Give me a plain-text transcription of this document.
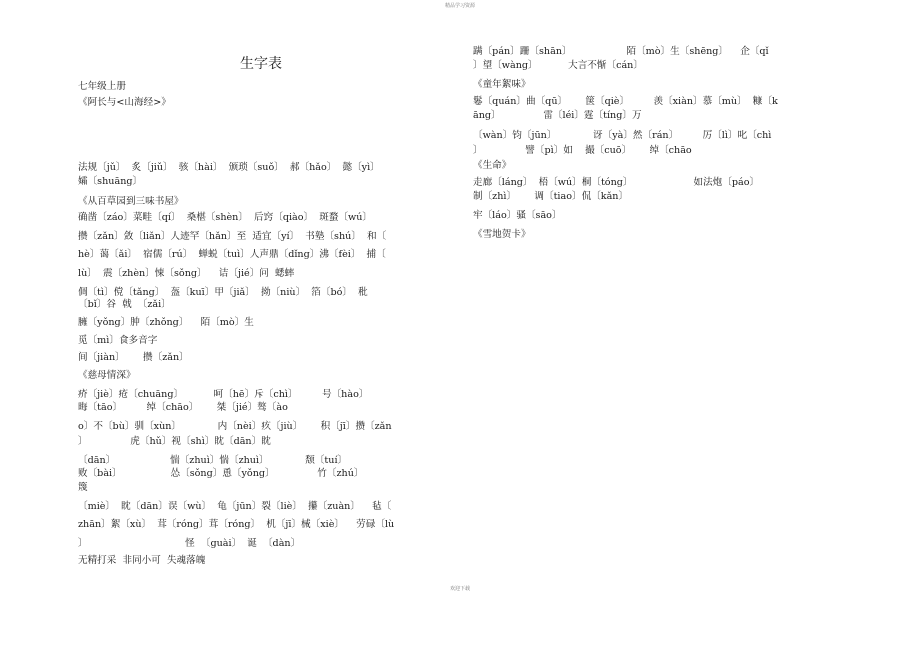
精品学习资源
生字表
七年级上册
《阿长与<山海经>》
法规〔jǔ〕  炙〔jiǔ〕  骇〔hài〕  颁琐〔suǒ〕  郝〔hǎo〕  懿〔yì〕
孀〔shuāng〕
《从百草园到三味书屋》
确凿〔záo〕菜畦〔qí〕  桑椹〔shèn〕  后窍〔qiào〕  斑蝥〔wú〕
攒〔zǎn〕敛〔liǎn〕人迹罕〔hǎn〕至  适宜〔yí〕  书塾〔shú〕  和〔
hè〕蔼〔ǎi〕  宿儒〔rú〕  蝉蜕〔tuì〕人声鼎〔dǐng〕沸〔fèi〕  捕〔
lù〕  震〔zhèn〕悚〔sǒng〕    诘〔jié〕问  蟋蟀
倜〔tì〕傥〔tǎng〕  盔〔kuī〕甲〔jiǎ〕  拗〔niù〕  箔〔bó〕  秕
〔bǐ〕谷  戟  〔zǎi〕
臃〔yǒng〕肿〔zhǒng〕    陌〔mò〕生
觅〔mì〕食多音字
间〔jiàn〕      攒〔zǎn〕
《慈母情深》
疥〔jiè〕疮〔chuāng〕          呵〔hē〕斥〔chì〕        号〔hào〕
晦〔tāo〕        绰〔chāo〕      桀〔jié〕骜〔ào
o〕不〔bù〕驯〔xùn〕            内〔nèi〕疚〔jiù〕      积〔jī〕攒〔zǎn
〕              虎〔hǔ〕视〔shì〕眈〔dān〕眈
〔dān〕                  惴〔zhuì〕惴〔zhuì〕            颓〔tuí〕
败〔bài〕                怂〔sǒng〕恿〔yǒng〕              竹〔zhú〕
篾
〔miè〕  眈〔dān〕误〔wù〕  龟〔jūn〕裂〔liè〕  攥〔zuàn〕    毡〔
zhān〕絮〔xù〕  茸〔róng〕茸〔róng〕  机〔jī〕械〔xiè〕    劳碌〔lù
〕                                怪  〔guài〕  诞  〔dàn〕
无精打采  非同小可  失魂落魄
蹒〔pán〕跚〔shān〕                  陌〔mò〕生〔shēng〕    企〔qǐ
〕望〔wàng〕          大言不惭〔cán〕
《童年絮味》
鬈〔quán〕曲〔qū〕      箧〔qiè〕        羡〔xiàn〕慕〔mù〕  糠〔k
āng〕              雷〔léi〕霆〔tíng〕万
〔wàn〕钧〔jūn〕            讶〔yà〕然〔rán〕        厉〔lì〕叱〔chì
〕              譬〔pì〕如    撮〔cuō〕      绰〔chāo
《生命》
走廊〔láng〕  梧〔wú〕桐〔tóng〕                    如法炮〔páo〕
制〔zhì〕      调〔tiao〕侃〔kǎn〕
牢〔láo〕骚〔sāo〕
《雪地贺卡》
欢迎下载
